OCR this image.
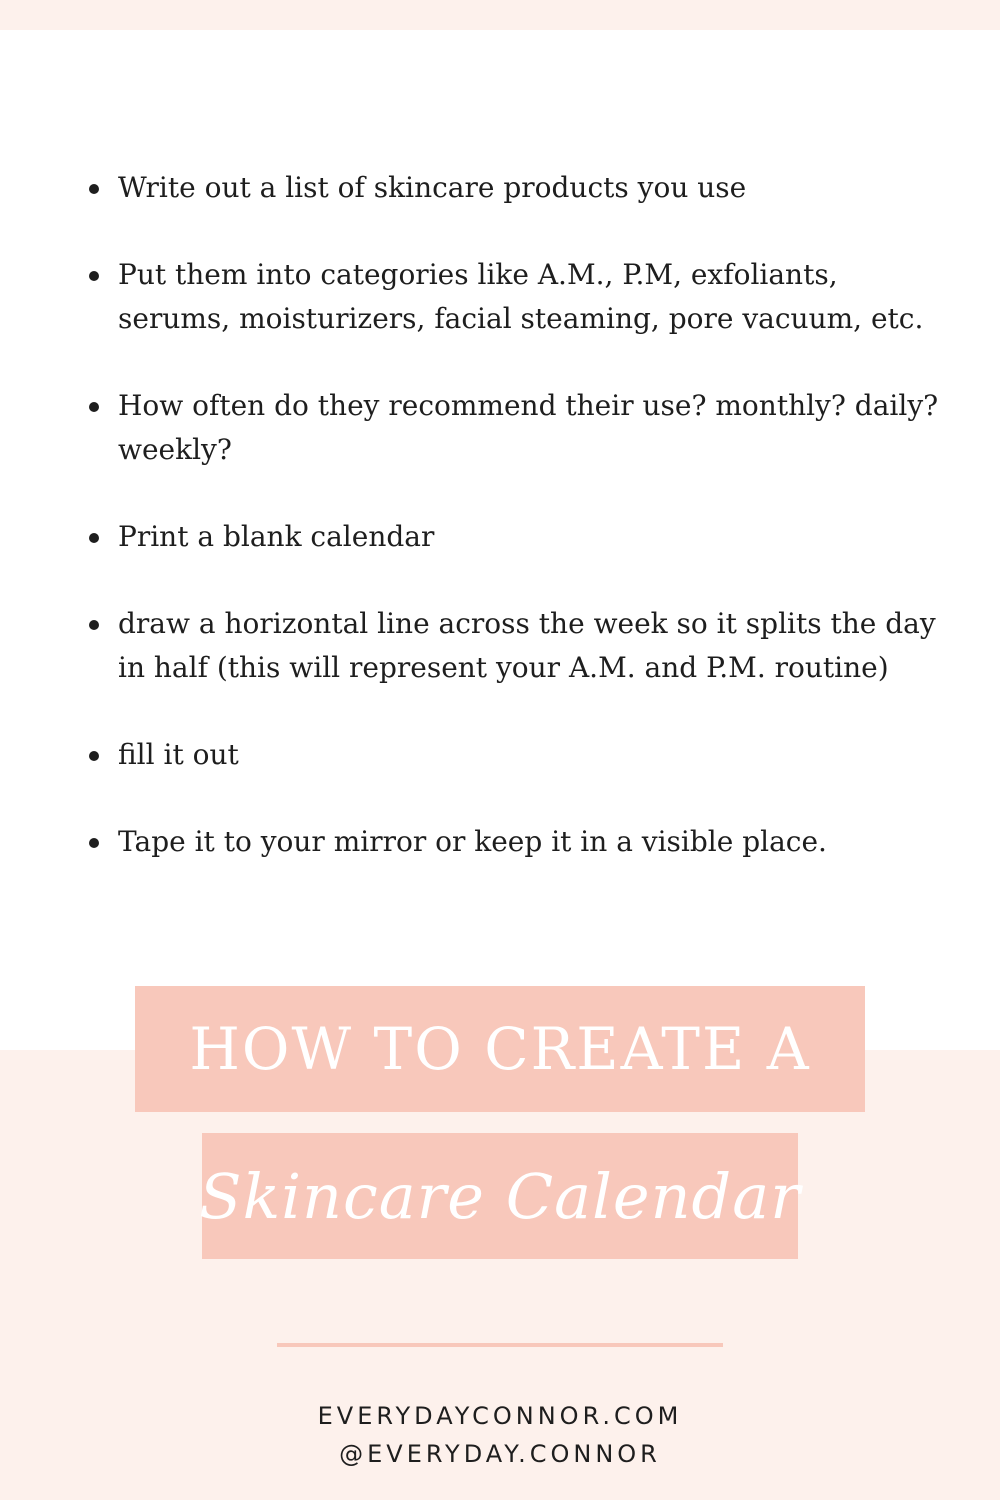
Write out a list of skincare products you use
Put them into categories like A.M., P.M, exfoliants, serums, moisturizers, facial steaming, pore vacuum, etc.
How often do they recommend their use? monthly? daily? weekly?
Print a blank calendar
draw a horizontal line across the week so it splits the day in half (this will represent your A.M. and P.M. routine)
fill it out
Tape it to your mirror or keep it in a visible place.
HOW TO CREATE A
Skincare Calendar
EVERYDAYCONNOR.COM
@EVERYDAY.CONNOR
